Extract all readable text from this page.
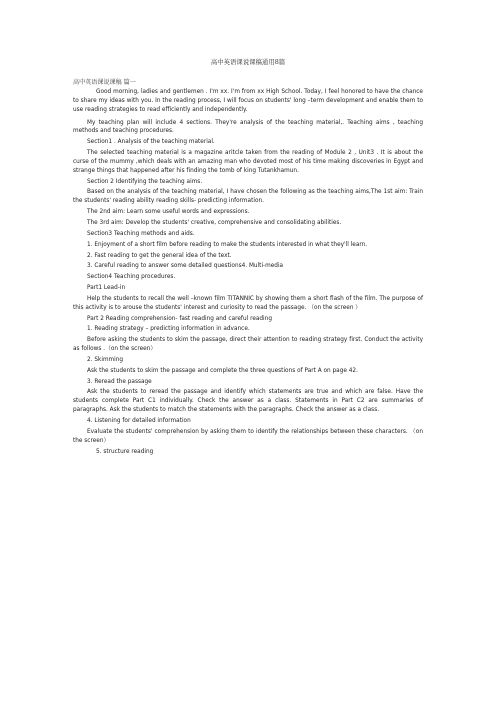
高中英语课说课稿通用8篇
高中英语课说课稿 篇一

Good morning, ladies and gentlemen . I'm xx. I'm from xx High School. Today, I feel honored to have the chance to share my ideas with you. In the reading process, I will focus on students' long –term development and enable them to use reading strategies to read efficiently and independently.

My teaching plan will include 4 sections. They're analysis of the teaching material,. Teaching aims , teaching methods and teaching procedures.

Section1 . Analysis of the teaching material.

The selected teaching material is a magazine aritcle taken from the reading of Module 2 , Unit3 . It is about the curse of the mummy ,which deals with an amazing man who devoted most of his time making discoveries in Egypt and strange things that happened after his finding the tomb of king Tutankhamun.

Section 2 Identifying the teaching aims.

Based on the analysis of the teaching material, I have chosen the following as the teaching aims,The 1st aim: Train the students' reading ability reading skills- predicting information.

The 2nd aim: Learn some useful words and expressions.

The 3rd aim: Develop the students' creative, comprehensive and consolidating abilities.

Section3 Teaching methods and aids.

1. Enjoyment of a short film before reading to make the students interested in what they'll learn.

2. Fast reading to get the general idea of the text.

3. Careful reading to answer some detailed questions4. Multi-media

Section4 Teaching procedures.

Part1 Lead-in

Help the students to recall the well –known film TITANNIC by showing them a short flash of the film. The purpose of this activity is to arouse the students' interest and curiosity to read the passage. （on the screen ）

Part 2 Reading comprehension- fast reading and careful reading

1. Reading strategy – predicting information in advance.

Before asking the students to skim the passage, direct their attention to reading strategy first. Conduct the activity as follows .（on the screen）

2. Skimming

Ask the students to skim the passage and complete the three questions of Part A on page 42.

3. Reread the passage

Ask the students to reread the passage and identify which statements are true and which are false. Have the students complete Part C1 individually. Check the answer as a class. Statements in Part C2 are summaries of paragraphs. Ask the students to match the statements with the paragraphs. Check the answer as a class.

4. Listening for detailed information

Evaluate the students' comprehension by asking them to identify the relationships between these characters. （on the screen）

5. structure reading
